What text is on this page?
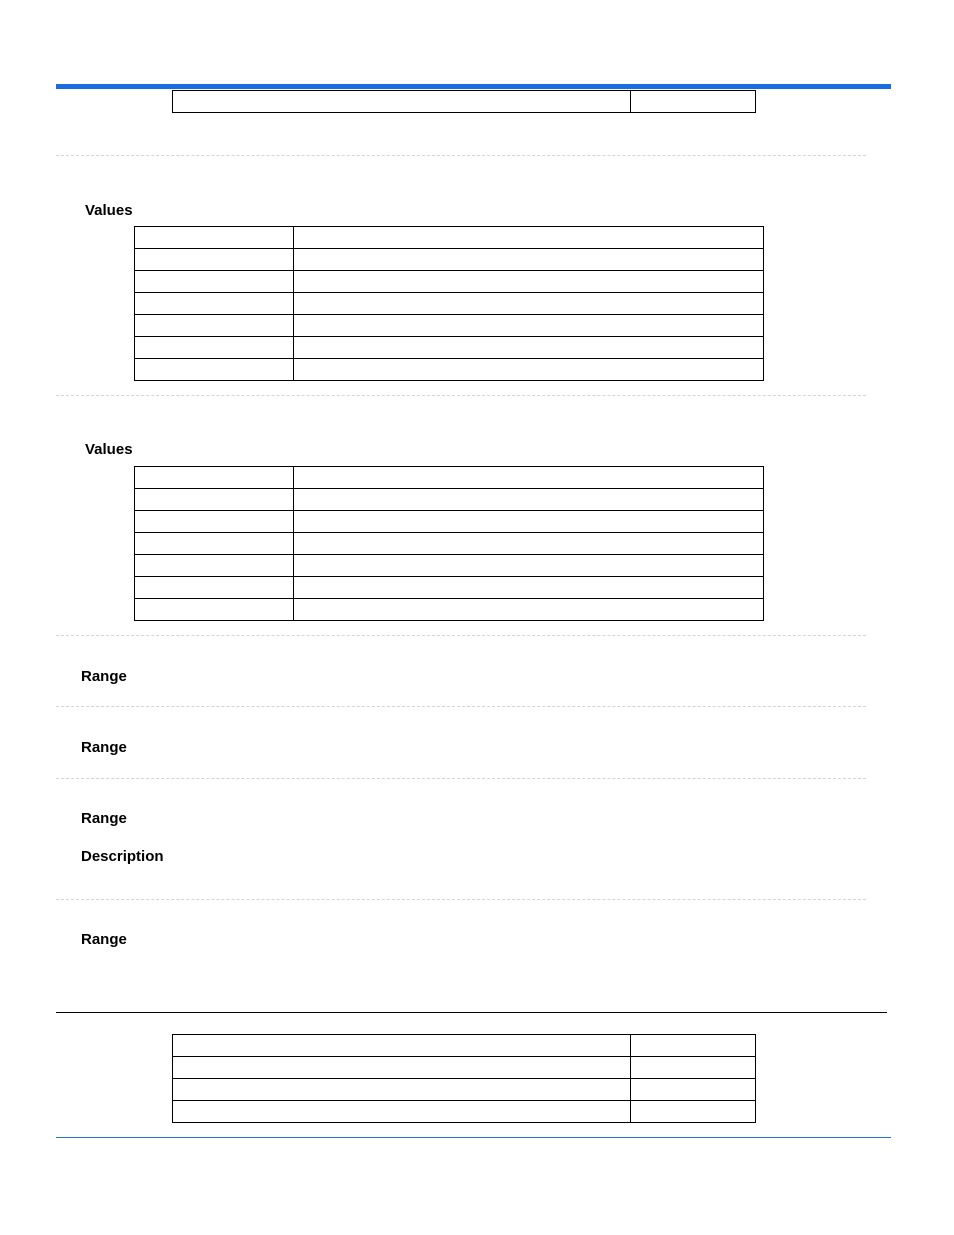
Values

Values

Range
Range
Range
Description
Range
